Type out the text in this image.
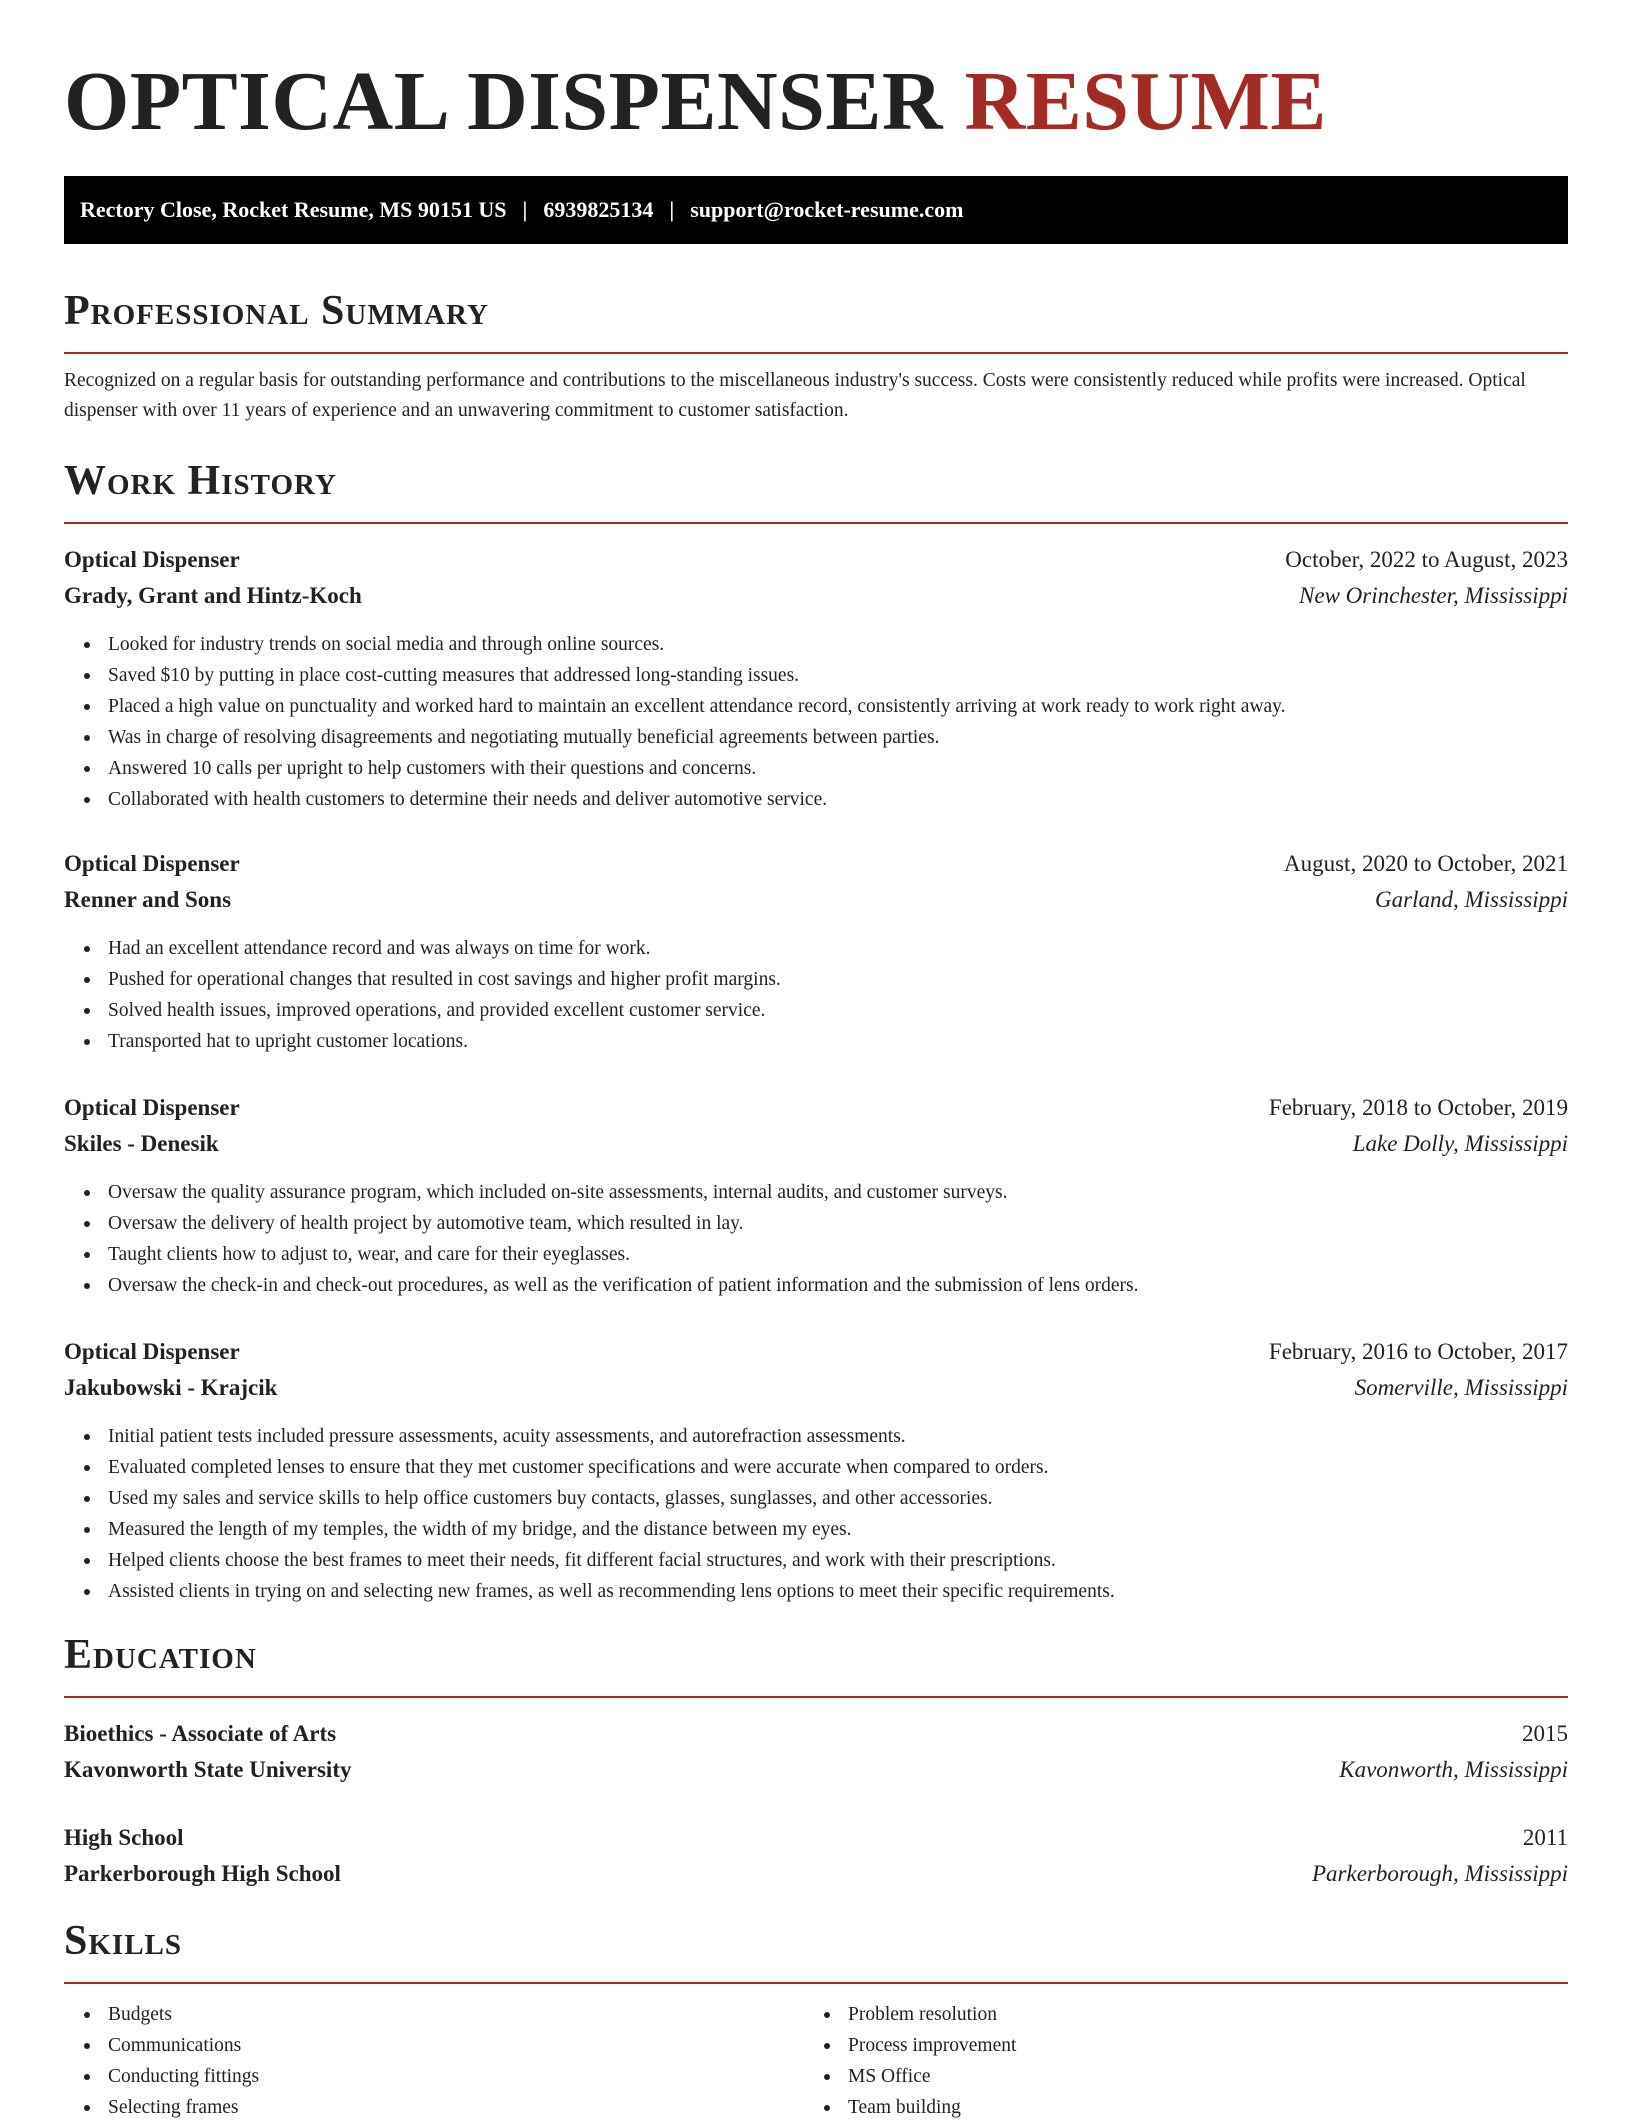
OPTICAL DISPENSER RESUME
Rectory Close, Rocket Resume, MS 90151 US | 6939825134 | support@rocket-resume.com
Professional Summary

Recognized on a regular basis for outstanding performance and contributions to the miscellaneous industry's success. Costs were consistently reduced while profits were increased. Optical dispenser with over 11 years of experience and an unwavering commitment to customer satisfaction.

Work History
Optical Dispenser	October, 2022 to August, 2023
Grady, Grant and Hintz-Koch	New Orinchester, Mississippi
Looked for industry trends on social media and through online sources.
Saved $10 by putting in place cost-cutting measures that addressed long-standing issues.
Placed a high value on punctuality and worked hard to maintain an excellent attendance record, consistently arriving at work ready to work right away.
Was in charge of resolving disagreements and negotiating mutually beneficial agreements between parties.
Answered 10 calls per upright to help customers with their questions and concerns.
Collaborated with health customers to determine their needs and deliver automotive service.
Optical Dispenser	August, 2020 to October, 2021
Renner and Sons	Garland, Mississippi
Had an excellent attendance record and was always on time for work.
Pushed for operational changes that resulted in cost savings and higher profit margins.
Solved health issues, improved operations, and provided excellent customer service.
Transported hat to upright customer locations.
Optical Dispenser	February, 2018 to October, 2019
Skiles - Denesik	Lake Dolly, Mississippi
Oversaw the quality assurance program, which included on-site assessments, internal audits, and customer surveys.
Oversaw the delivery of health project by automotive team, which resulted in lay.
Taught clients how to adjust to, wear, and care for their eyeglasses.
Oversaw the check-in and check-out procedures, as well as the verification of patient information and the submission of lens orders.
Optical Dispenser	February, 2016 to October, 2017
Jakubowski - Krajcik	Somerville, Mississippi
Initial patient tests included pressure assessments, acuity assessments, and autorefraction assessments.
Evaluated completed lenses to ensure that they met customer specifications and were accurate when compared to orders.
Used my sales and service skills to help office customers buy contacts, glasses, sunglasses, and other accessories.
Measured the length of my temples, the width of my bridge, and the distance between my eyes.
Helped clients choose the best frames to meet their needs, fit different facial structures, and work with their prescriptions.
Assisted clients in trying on and selecting new frames, as well as recommending lens options to meet their specific requirements.
Education
Bioethics - Associate of Arts	2015
Kavonworth State University	Kavonworth, Mississippi
High School	2011
Parkerborough High School	Parkerborough, Mississippi
Skills
Budgets
Communications
Conducting fittings
Selecting frames
Problem resolution
Process improvement
MS Office
Team building
